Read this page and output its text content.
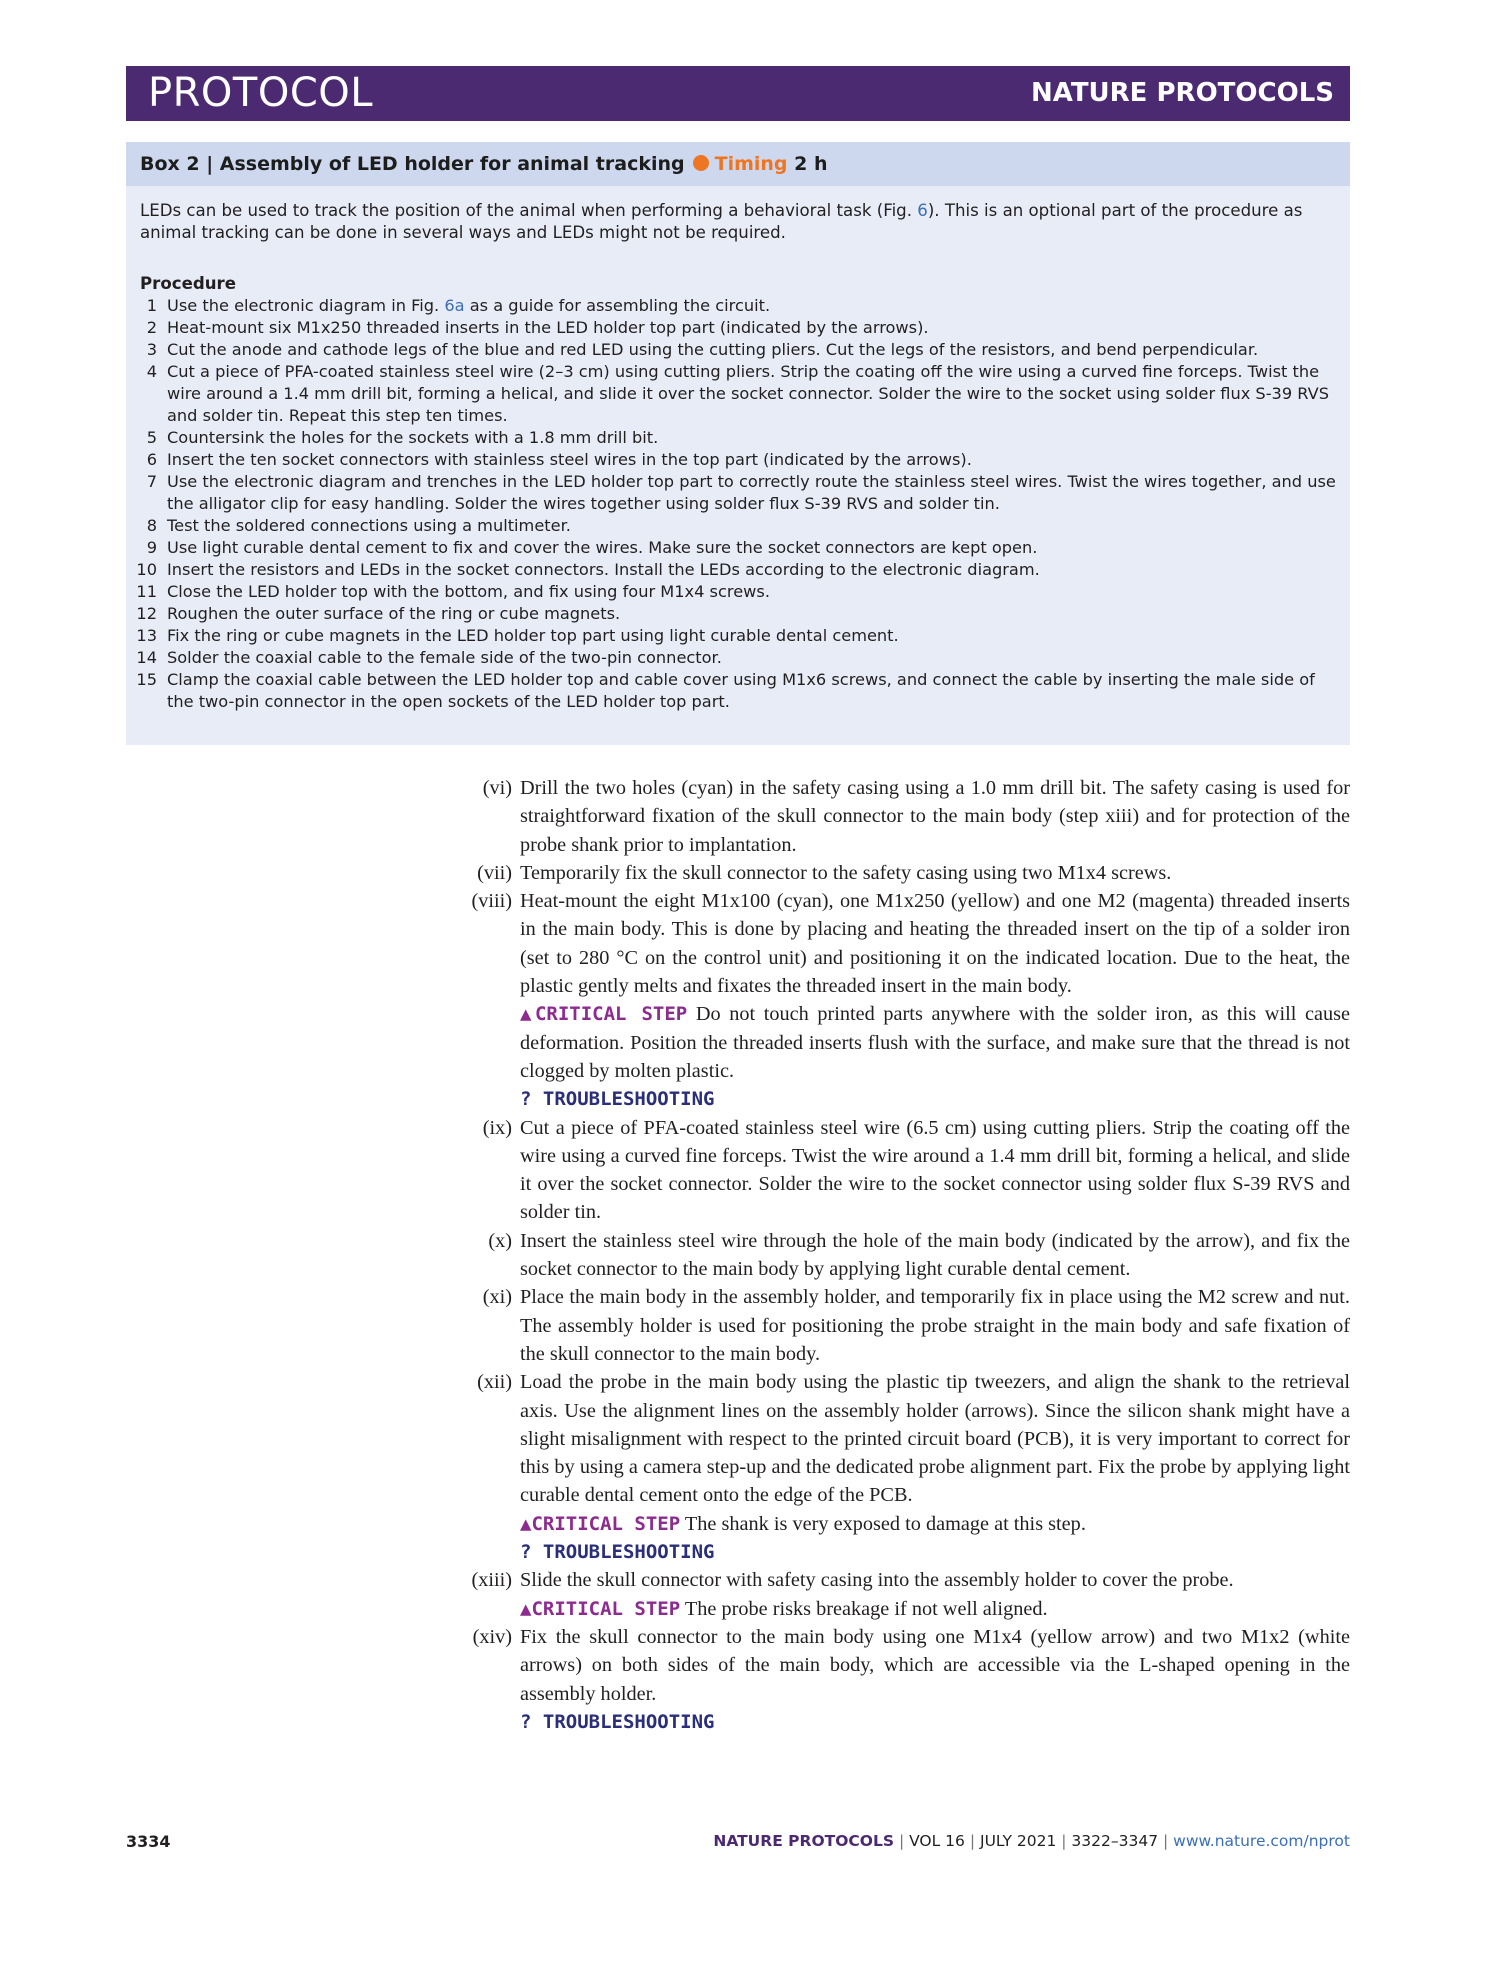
PROTOCOL	NATURE PROTOCOLS
Box 2 | Assembly of LED holder for animal tracking Timing 2 h
LEDs can be used to track the position of the animal when performing a behavioral task (Fig. 6). This is an optional part of the procedure as animal tracking can be done in several ways and LEDs might not be required.
Procedure
1 Use the electronic diagram in Fig. 6a as a guide for assembling the circuit.
2 Heat-mount six M1x250 threaded inserts in the LED holder top part (indicated by the arrows).
3 Cut the anode and cathode legs of the blue and red LED using the cutting pliers. Cut the legs of the resistors, and bend perpendicular.
4 Cut a piece of PFA-coated stainless steel wire (2–3 cm) using cutting pliers. Strip the coating off the wire using a curved fine forceps. Twist the wire around a 1.4 mm drill bit, forming a helical, and slide it over the socket connector. Solder the wire to the socket using solder flux S-39 RVS and solder tin. Repeat this step ten times.
5 Countersink the holes for the sockets with a 1.8 mm drill bit.
6 Insert the ten socket connectors with stainless steel wires in the top part (indicated by the arrows).
7 Use the electronic diagram and trenches in the LED holder top part to correctly route the stainless steel wires. Twist the wires together, and use the alligator clip for easy handling. Solder the wires together using solder flux S-39 RVS and solder tin.
8 Test the soldered connections using a multimeter.
9 Use light curable dental cement to fix and cover the wires. Make sure the socket connectors are kept open.
10 Insert the resistors and LEDs in the socket connectors. Install the LEDs according to the electronic diagram.
11 Close the LED holder top with the bottom, and fix using four M1x4 screws.
12 Roughen the outer surface of the ring or cube magnets.
13 Fix the ring or cube magnets in the LED holder top part using light curable dental cement.
14 Solder the coaxial cable to the female side of the two-pin connector.
15 Clamp the coaxial cable between the LED holder top and cable cover using M1x6 screws, and connect the cable by inserting the male side of the two-pin connector in the open sockets of the LED holder top part.
(vi) Drill the two holes (cyan) in the safety casing using a 1.0 mm drill bit. The safety casing is used for straightforward fixation of the skull connector to the main body (step xiii) and for protection of the probe shank prior to implantation.
(vii) Temporarily fix the skull connector to the safety casing using two M1x4 screws.
(viii) Heat-mount the eight M1x100 (cyan), one M1x250 (yellow) and one M2 (magenta) threaded inserts in the main body. This is done by placing and heating the threaded insert on the tip of a solder iron (set to 280 °C on the control unit) and positioning it on the indicated location. Due to the heat, the plastic gently melts and fixates the threaded insert in the main body.
▲CRITICAL STEP Do not touch printed parts anywhere with the solder iron, as this will cause deformation. Position the threaded inserts flush with the surface, and make sure that the thread is not clogged by molten plastic.
? TROUBLESHOOTING
(ix) Cut a piece of PFA-coated stainless steel wire (6.5 cm) using cutting pliers. Strip the coating off the wire using a curved fine forceps. Twist the wire around a 1.4 mm drill bit, forming a helical, and slide it over the socket connector. Solder the wire to the socket connector using solder flux S-39 RVS and solder tin.
(x) Insert the stainless steel wire through the hole of the main body (indicated by the arrow), and fix the socket connector to the main body by applying light curable dental cement.
(xi) Place the main body in the assembly holder, and temporarily fix in place using the M2 screw and nut. The assembly holder is used for positioning the probe straight in the main body and safe fixation of the skull connector to the main body.
(xii) Load the probe in the main body using the plastic tip tweezers, and align the shank to the retrieval axis. Use the alignment lines on the assembly holder (arrows). Since the silicon shank might have a slight misalignment with respect to the printed circuit board (PCB), it is very important to correct for this by using a camera step-up and the dedicated probe alignment part. Fix the probe by applying light curable dental cement onto the edge of the PCB.
▲CRITICAL STEP The shank is very exposed to damage at this step.
? TROUBLESHOOTING
(xiii) Slide the skull connector with safety casing into the assembly holder to cover the probe.
▲CRITICAL STEP The probe risks breakage if not well aligned.
(xiv) Fix the skull connector to the main body using one M1x4 (yellow arrow) and two M1x2 (white arrows) on both sides of the main body, which are accessible via the L-shaped opening in the assembly holder.
? TROUBLESHOOTING
3334	NATURE PROTOCOLS | VOL 16 | JULY 2021 | 3322–3347 | www.nature.com/nprot
